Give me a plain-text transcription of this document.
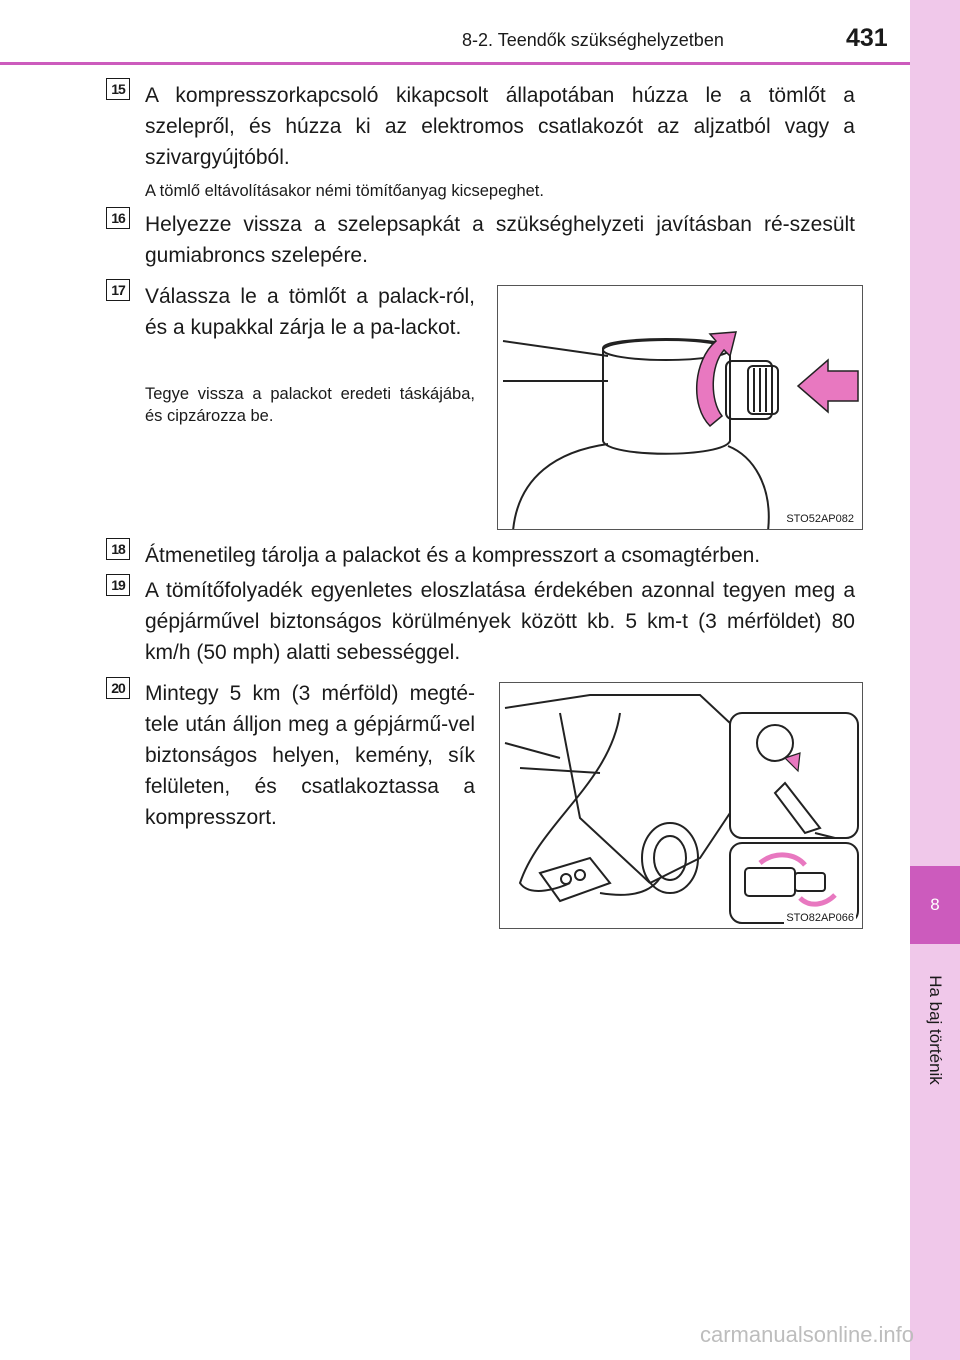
8
Ha baj történik
8-2. Teendők szükséghelyzetben	431
15 A kompresszorkapcsoló kikapcsolt állapotában húzza le a tömlőt a szelepről, és húzza ki az elektromos csatlakozót az aljzatból vagy a szivargyújtóból.

A tömlő eltávolításakor némi tömítőanyag kicsepeghet.

16 Helyezze vissza a szelepsapkát a szükséghelyzeti javításban ré-szesült gumiabroncs szelepére.

17 Válassza le a tömlőt a palack-ról, és a kupakkal zárja le a pa-lackot.

Tegye vissza a palackot eredeti táskájába, és cipzározza be.

STO52AP082
18 Átmenetileg tárolja a palackot és a kompresszort a csomagtérben.

19 A tömítőfolyadék egyenletes eloszlatása érdekében azonnal tegyen meg a gépjárművel biztonságos körülmények között kb. 5 km-t (3 mérföldet) 80 km/h (50 mph) alatti sebességgel.

20 Mintegy 5 km (3 mérföld) megté-tele után álljon meg a gépjármű-vel biztonságos helyen, kemény, sík felületen, és csatlakoztassa a kompresszort.

STO82AP066
carmanualsonline.info
